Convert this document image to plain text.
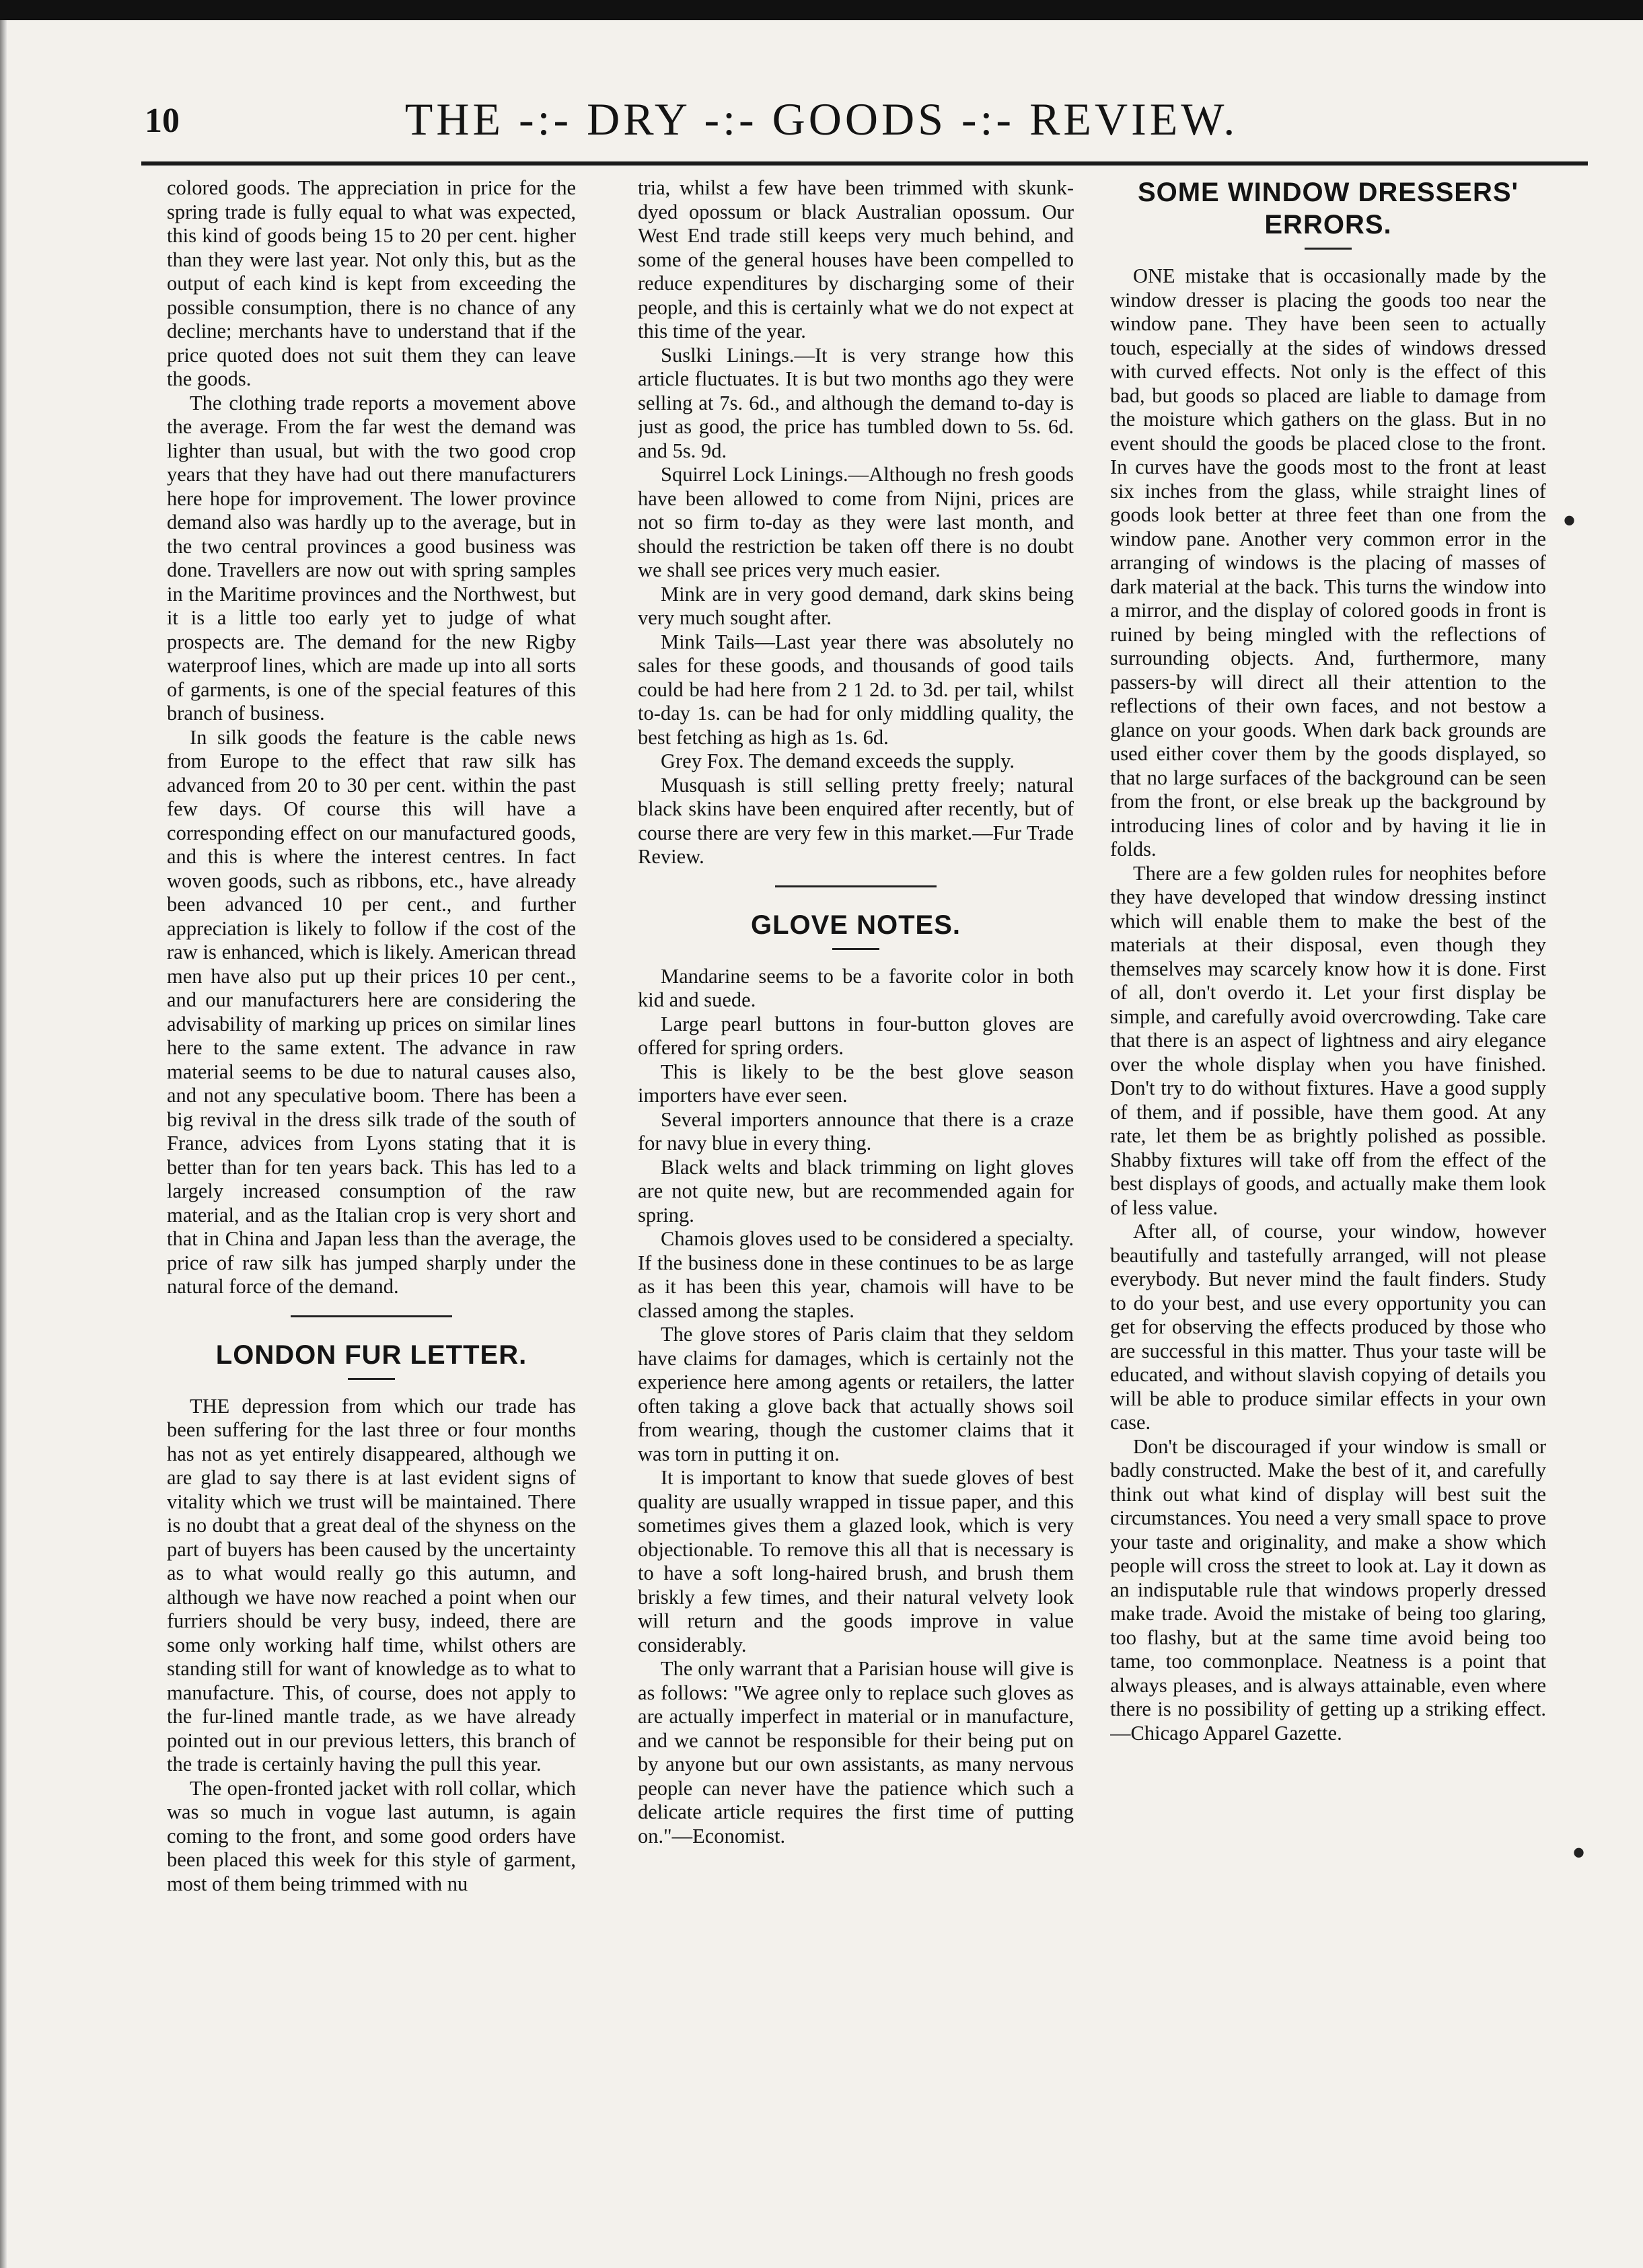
10	THE -:- DRY -:- GOODS -:- REVIEW.

colored goods. The appreciation in price for the spring trade is fully equal to what was expected, this kind of goods being 15 to 20 per cent. higher than they were last year. Not only this, but as the output of each kind is kept from exceeding the possible consumption, there is no chance of any decline; merchants have to understand that if the price quoted does not suit them they can leave the goods.

The clothing trade reports a movement above the average. From the far west the demand was lighter than usual, but with the two good crop years that they have had out there manufacturers here hope for improvement. The lower province demand also was hardly up to the average, but in the two central provinces a good business was done. Travellers are now out with spring samples in the Maritime provinces and the Northwest, but it is a little too early yet to judge of what prospects are. The demand for the new Rigby waterproof lines, which are made up into all sorts of garments, is one of the special features of this branch of business.

In silk goods the feature is the cable news from Europe to the effect that raw silk has advanced from 20 to 30 per cent. within the past few days. Of course this will have a corresponding effect on our manufactured goods, and this is where the interest centres. In fact woven goods, such as ribbons, etc., have already been advanced 10 per cent., and further appreciation is likely to follow if the cost of the raw is enhanced, which is likely. American thread men have also put up their prices 10 per cent., and our manufacturers here are considering the advisability of marking up prices on similar lines here to the same extent. The advance in raw material seems to be due to natural causes also, and not any speculative boom. There has been a big revival in the dress silk trade of the south of France, advices from Lyons stating that it is better than for ten years back. This has led to a largely increased consumption of the raw material, and as the Italian crop is very short and that in China and Japan less than the average, the price of raw silk has jumped sharply under the natural force of the demand.

LONDON FUR LETTER.

THE depression from which our trade has been suffering for the last three or four months has not as yet entirely disappeared, although we are glad to say there is at last evident signs of vitality which we trust will be maintained. There is no doubt that a great deal of the shyness on the part of buyers has been caused by the uncertainty as to what would really go this autumn, and although we have now reached a point when our furriers should be very busy, indeed, there are some only working half time, whilst others are standing still for want of knowledge as to what to manufacture. This, of course, does not apply to the fur-lined mantle trade, as we have already pointed out in our previous letters, this branch of the trade is certainly having the pull this year.

The open-fronted jacket with roll collar, which was so much in vogue last autumn, is again coming to the front, and some good orders have been placed this week for this style of garment, most of them being trimmed with nu

tria, whilst a few have been trimmed with skunk-dyed opossum or black Australian opossum. Our West End trade still keeps very much behind, and some of the general houses have been compelled to reduce expenditures by discharging some of their people, and this is certainly what we do not expect at this time of the year.

Suslki Linings.—It is very strange how this article fluctuates. It is but two months ago they were selling at 7s. 6d., and although the demand to-day is just as good, the price has tumbled down to 5s. 6d. and 5s. 9d.

Squirrel Lock Linings.—Although no fresh goods have been allowed to come from Nijni, prices are not so firm to-day as they were last month, and should the restriction be taken off there is no doubt we shall see prices very much easier.

Mink are in very good demand, dark skins being very much sought after.

Mink Tails—Last year there was absolutely no sales for these goods, and thousands of good tails could be had here from 2 1 2d. to 3d. per tail, whilst to-day 1s. can be had for only middling quality, the best fetching as high as 1s. 6d.

Grey Fox. The demand exceeds the supply.

Musquash is still selling pretty freely; natural black skins have been enquired after recently, but of course there are very few in this market.—Fur Trade Review.

GLOVE NOTES.

Mandarine seems to be a favorite color in both kid and suede.

Large pearl buttons in four-button gloves are offered for spring orders.

This is likely to be the best glove season importers have ever seen.

Several importers announce that there is a craze for navy blue in every thing.

Black welts and black trimming on light gloves are not quite new, but are recommended again for spring.

Chamois gloves used to be considered a specialty. If the business done in these continues to be as large as it has been this year, chamois will have to be classed among the staples.

The glove stores of Paris claim that they seldom have claims for damages, which is certainly not the experience here among agents or retailers, the latter often taking a glove back that actually shows soil from wearing, though the customer claims that it was torn in putting it on.

It is important to know that suede gloves of best quality are usually wrapped in tissue paper, and this sometimes gives them a glazed look, which is very objectionable. To remove this all that is necessary is to have a soft long-haired brush, and brush them briskly a few times, and their natural velvety look will return and the goods improve in value considerably.

The only warrant that a Parisian house will give is as follows: "We agree only to replace such gloves as are actually imperfect in material or in manufacture, and we cannot be responsible for their being put on by anyone but our own assistants, as many nervous people can never have the patience which such a delicate article requires the first time of putting on."—Economist.

SOME WINDOW DRESSERS' ERRORS.

ONE mistake that is occasionally made by the window dresser is placing the goods too near the window pane. They have been seen to actually touch, especially at the sides of windows dressed with curved effects. Not only is the effect of this bad, but goods so placed are liable to damage from the moisture which gathers on the glass. But in no event should the goods be placed close to the front. In curves have the goods most to the front at least six inches from the glass, while straight lines of goods look better at three feet than one from the window pane. Another very common error in the arranging of windows is the placing of masses of dark material at the back. This turns the window into a mirror, and the display of colored goods in front is ruined by being mingled with the reflections of surrounding objects. And, furthermore, many passers-by will direct all their attention to the reflections of their own faces, and not bestow a glance on your goods. When dark back grounds are used either cover them by the goods displayed, so that no large surfaces of the background can be seen from the front, or else break up the background by introducing lines of color and by having it lie in folds.

There are a few golden rules for neophites before they have developed that window dressing instinct which will enable them to make the best of the materials at their disposal, even though they themselves may scarcely know how it is done. First of all, don't overdo it. Let your first display be simple, and carefully avoid overcrowding. Take care that there is an aspect of lightness and airy elegance over the whole display when you have finished. Don't try to do without fixtures. Have a good supply of them, and if possible, have them good. At any rate, let them be as brightly polished as possible. Shabby fixtures will take off from the effect of the best displays of goods, and actually make them look of less value.

After all, of course, your window, however beautifully and tastefully arranged, will not please everybody. But never mind the fault finders. Study to do your best, and use every opportunity you can get for observing the effects produced by those who are successful in this matter. Thus your taste will be educated, and without slavish copying of details you will be able to produce similar effects in your own case.

Don't be discouraged if your window is small or badly constructed. Make the best of it, and carefully think out what kind of display will best suit the circumstances. You need a very small space to prove your taste and originality, and make a show which people will cross the street to look at. Lay it down as an indisputable rule that windows properly dressed make trade. Avoid the mistake of being too glaring, too flashy, but at the same time avoid being too tame, too commonplace. Neatness is a point that always pleases, and is always attainable, even where there is no possibility of getting up a striking effect.—Chicago Apparel Gazette.

•
•
